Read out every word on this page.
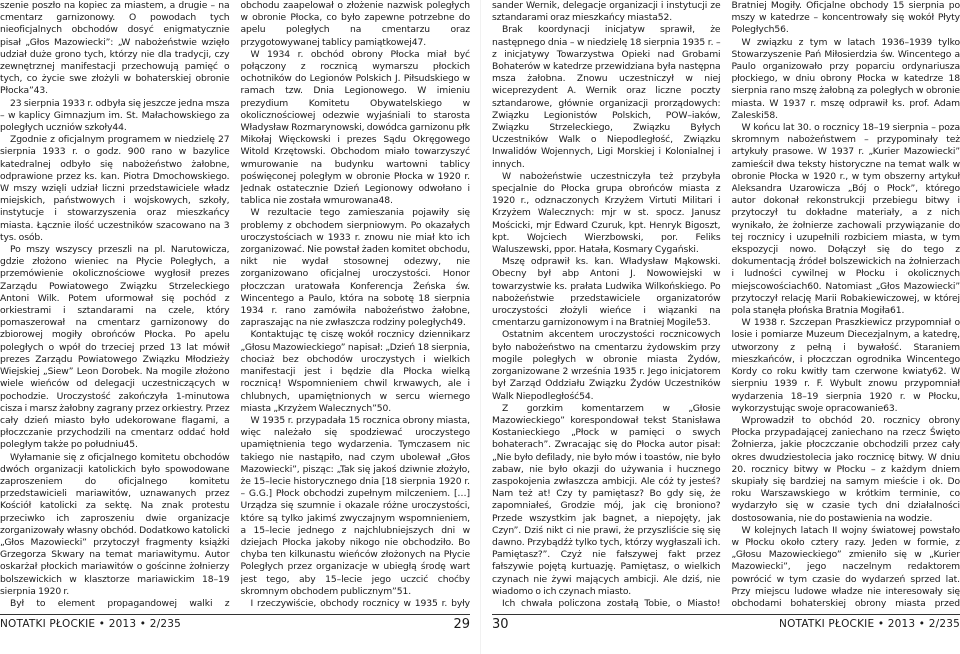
szenie poszło na kopiec za miastem, a drugie – na cmentarz garnizonowy. O powodach tych nieoficjalnych obchodów dosyć enigmatycznie pisał „Głos Mazowiecki”: „W nabożeństwie wzięło udział duże grono tych, którzy nie dla tradycji, czy zewnętrznej manifestacji przechowują pamięć o tych, co życie swe złożyli w bohaterskiej obronie Płocka”43.

23 sierpnia 1933 r. odbyła się jeszcze jedna msza – w kaplicy Gimnazjum im. St. Małachowskiego za poległych uczniów szkoły44.

Zgodnie z oficjalnym programem w niedzielę 27 sierpnia 1933 r. o godz. 900 rano w bazylice katedralnej odbyło się nabożeństwo żałobne, odprawione przez ks. kan. Piotra Dmochowskiego. W mszy wzięli udział liczni przedstawiciele władz miejskich, państwowych i wojskowych, szkoły, instytucje i stowarzyszenia oraz mieszkańcy miasta. Łącznie ilość uczestników szacowano na 3 tys. osób.

Po mszy wszyscy przeszli na pl. Narutowicza, gdzie złożono wieniec na Płycie Poległych, a przemówienie okolicznościowe wygłosił prezes Zarządu Powiatowego Związku Strzeleckiego Antoni Wilk. Potem uformował się pochód z orkiestrami i sztandarami na czele, który pomaszerował na cmentarz garnizonowy do zbiorowej mogiły obrońców Płocka. Po apelu poległych o wpół do trzeciej przed 13 lat mówił prezes Zarządu Powiatowego Związku Młodzieży Wiejskiej „Siew” Leon Dorobek. Na mogile złożono wiele wieńców od delegacji uczestniczących w pochodzie. Uroczystość zakończyła 1-minutowa cisza i marsz żałobny zagrany przez orkiestry. Przez cały dzień miasto było udekorowane flagami, a płoczczanie przychodzili na cmentarz oddać hołd poległym także po południu45.

Wyłamanie się z oficjalnego komitetu obchodów dwóch organizacji katolickich było spowodowane zaproszeniem do oficjalnego komitetu przedstawicieli mariawitów, uznawanych przez Kościół katolicki za sektę. Na znak protestu przeciwko ich zaproszeniu dwie organizacje zorganizowały własny obchód. Dodatkowo katolicki „Głos Mazowiecki” przytoczył fragmenty książki Grzegorza Skwary na temat mariawitymu. Autor oskarżał płockich mariawitów o gościnne żołnierzy bolszewickich w klasztorze mariawickim 18–19 sierpnia 1920 r.

Był to element propagandowej walki z

obchodu zaapelował o złożenie nazwisk poległych w obronie Płocka, co było zapewne potrzebne do apelu poległych na cmentarzu oraz przygotowywanej tablicy pamiątkowej47.

W 1934 r. obchód obrony Płocka miał być połączony z rocznicą wymarszu płockich ochotników do Legionów Polskich J. Piłsudskiego w ramach tzw. Dnia Legionowego. W imieniu prezydium Komitetu Obywatelskiego w okolicznościowej odezwie wyjaśniali to starosta Władysław Rozmarynowski, dowódca garnizonu płk Mikołaj Więckowski i prezes Sądu Okręgowego Witold Krzętowski. Obchodom miało towarzyszyć wmurowanie na budynku wartowni tablicy poświęconej poległym w obronie Płocka w 1920 r. Jednak ostatecznie Dzień Legionowy odwołano i tablica nie została wmurowana48.

W rezultacie tego zamieszania pojawiły się problemy z obchodem sierpniowym. Po okazałych uroczystościach w 1933 r. znowu nie miał kto ich zorganizować. Nie powstał żaden komitet obchodu, nikt nie wydał stosownej odezwy, nie zorganizowano oficjalnej uroczystości. Honor płoczczan uratowała Konferencja Żeńska św. Wincentego a Paulo, która na sobotę 18 sierpnia 1934 r. rano zamówiła nabożeństwo żałobne, zapraszając na nie zwłaszcza rodziny poległych49.

Kontaktując tę ciszę wokół rocznicy dziennikarz „Głosu Mazowieckiego” napisał: „Dzień 18 sierpnia, chociaż bez obchodów uroczystych i wielkich manifestacji jest i będzie dla Płocka wielką rocznicą! Wspomnieniem chwil krwawych, ale i chlubnych, upamiętnionych w sercu wiernego miasta „Krzyżem Walecznych”50.

W 1935 r. przypadała 15 rocznica obrony miasta, więc należało się spodziewać uroczystego upamiętnienia tego wydarzenia. Tymczasem nic takiego nie nastąpiło, nad czym ubolewał „Głos Mazowiecki”, pisząc: „Tak się jakoś dziwnie złożyło, że 15–lecie historycznego dnia [18 sierpnia 1920 r. – G.G.] Płock obchodzi zupełnym milczeniem. […] Urządza się szumnie i okazale różne uroczystości, które są tylko jakimś zwyczajnym wspomnieniem, a 15–lecie jednego z najchlubniejszych dni w dziejach Płocka jakoby nikogo nie obchodziło. Bo chyba ten kilkunastu wieńców złożonych na Płycie Poległych przez organizacje w ubiegłą środę wart jest tego, aby 15–lecie jego uczcić choćby skromnym obchodem publicznym”51.

I rzeczywiście, obchody rocznicy w 1935 r. były

NOTATKI PŁOCKIE • 2013 • 2/235	29

sander Wernik, delegacje organizacji i instytucji ze sztandarami oraz mieszkańcy miasta52.

Brak koordynacji inicjatyw sprawił, że następnego dnia – w niedzielę 18 sierpnia 1935 r. – z inicjatywy Towarzystwa Opieki nad Grobami Bohaterów w katedrze przewidziana była następna msza żałobna. Znowu uczestniczył w niej wiceprezydent A. Wernik oraz liczne poczty sztandarowe, głównie organizacji prorządowych: Związku Legionistów Polskich, POW–iaków, Związku Strzeleckiego, Związku Byłych Uczestników Walk o Niepodległość, Związku Inwalidów Wojennych, Ligi Morskiej i Kolonialnej i innych.

W nabożeństwie uczestniczyła też przybyła specjalnie do Płocka grupa obrońców miasta z 1920 r., odznaczonych Krzyżem Virtuti Militari i Krzyżem Walecznych: mjr w st. spocz. Janusz Mościcki, mjr Edward Czuruk, kpt. Henryk Bigoszt, kpt. Wojciech Wierzbowski, por. Feliks Waluszewski, ppor. Hatała, Kosmary Cygański.

Mszę odprawił ks. kan. Władysław Mąkowski. Obecny był abp Antoni J. Nowowiejski w towarzystwie ks. prałata Ludwika Wilkońskiego. Po nabożeństwie przedstawiciele organizatorów uroczystości złożyli wieńce i wiązanki na cmentarzu garnizonowym i na Bratniej Mogile53.

Ostatnim akcentem uroczystości rocznicowych było nabożeństwo na cmentarzu żydowskim przy mogile poległych w obronie miasta Żydów, zorganizowane 2 września 1935 r. Jego inicjatorem był Zarząd Oddziału Związku Żydów Uczestników Walk Niepodległość54.

Z gorzkim komentarzem w „Głosie Mazowieckiego” korespondował tekst Stanisława Kostanieckiego „Płock w pamięci o swych bohaterach”. Zwracając się do Płocka autor pisał: „Nie było defilady, nie było mów i toastów, nie było zabaw, nie było okazji do używania i hucznego zaspokojenia zwłaszcza ambicji. Ale cóż ty jesteś? Nam też at! Czy ty pamiętasz? Bo gdy się, że zapomniałeś, Grodzie mój, jak cię broniono? Przede wszystkim jak bagnet, a niepojęty, jak Czyn”. Dziś nikt ci nie prawi, że przyszliście się się dawno. Przybądźż tylko tych, którzy wygłaszali ich. Pamiętasz?”. Czyż nie fałszywej fakt przez fałszywie pojętą kurtuazję. Pamiętasz, o wielkich czynach nie żywi mających ambicji. Ale dziś, nie wiadomo o ich czynach miasto.

Ich chwała policzona zostałą Tobie, o Miasto!

Bratniej Mogiły. Oficjalne obchody 15 sierpnia po mszy w katedrze – koncentrowały się wokół Płyty Poległych56.

W związku z tym w latach 1936–1939 tylko Stowarzyszenie Pań Miłosierdzia św. Wincentego a Paulo organizowało przy poparciu ordynariusza płockiego, w dniu obrony Płocka w katedrze 18 sierpnia rano mszę żałobną za poległych w obronie miasta. W 1937 r. mszę odprawił ks. prof. Adam Zaleski58.

W końcu lat 30. o rocznicy 18–19 sierpnia – poza skromnym nabożeństwem – przypominały też artykuły prasowe. W 1937 r. „Kurier Mazowiecki” zamieścił dwa teksty historyczne na temat walk w obronie Płocka w 1920 r., w tym obszerny artykuł Aleksandra Uzarowicza „Bój o Płock”, którego autor dokonał rekonstrukcji przebiegu bitwy i przytoczył tu dokładne materiały, a z nich wynikało, że żołnierze zachowali przywiązanie do tej rocznicy i uzupełnili rozbiciem miasta, w tym ekspozycji nowo. Dołączył się do tego z dokumentacją źródeł bolszewickich na żołnierzach i ludności cywilnej w Płocku i okolicznych miejscowościach60. Natomiast „Głos Mazowiecki” przytoczył relację Marii Robakiewiczowej, w której pola stanęła płońska Bratnia Mogiła61.

W 1938 r. Szczepan Praszkiewicz przypomniał o losie i pomiarze Muzeum Diecezjalnym, a katedrę, utworzony z pełną i bywałość. Staraniem mieszkańców, i płoczczan ogrodnika Wincentego Kordy co roku kwitły tam czerwone kwiaty62. W sierpniu 1939 r. F. Wybult znowu przypomniał wydarzenia 18–19 sierpnia 1920 r. w Płocku, wykorzystując swoje opracowanie63.

Wprowadził to obchód 20. rocznicy obrony Płocka przypadającej zaniechano na rzecz Święto Żołnierza, jakie płoczczanie obchodzili przez cały okres dwudziestolecia jako rocznicę bitwy. W dniu 20. rocznicy bitwy w Płocku – z każdym dniem skupiały się bardziej na samym mieście i ok. Do roku Warszawskiego w krótkim terminie, co wydarzyło się w czasie tych dni działalności dostosowania, nie do postawienia na wodzie.

W kolejnych latach II wojny światowej powstało w Płocku około cztery razy. Jeden w formie, z „Głosu Mazowieckiego” zmieniło się w „Kurier Mazowiecki”, jego naczelnym redaktorem powrócić w tym czasie do wydarzeń sprzed lat. Przy miejscu ludowe władze nie interesowały się obchodami bohaterskiej obrony miasta przed

30	NOTATKI PŁOCKIE • 2013 • 2/235
